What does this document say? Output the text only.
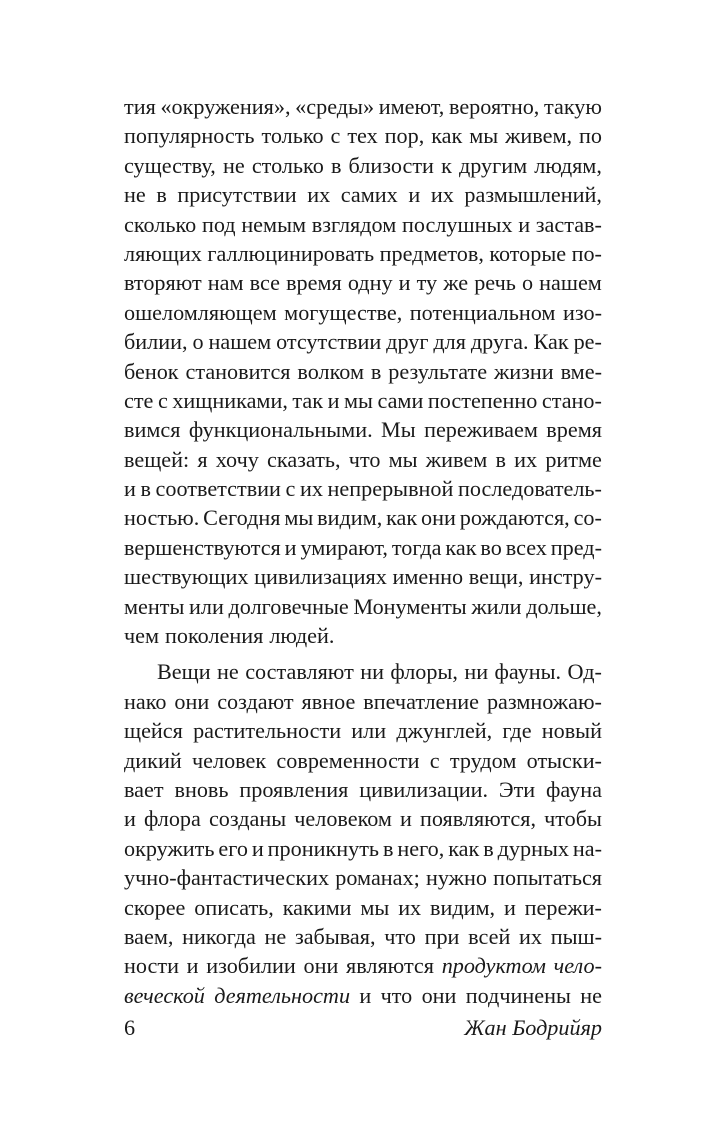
тия «окружения», «среды» имеют, вероятно, такую
популярность только с тех пор, как мы живем, по
существу, не столько в близости к другим людям,
не в присутствии их самих и их размышлений,
сколько под немым взглядом послушных и застав-
ляющих галлюцинировать предметов, которые по-
вторяют нам все время одну и ту же речь о нашем
ошеломляющем могуществе, потенциальном изо-
билии, о нашем отсутствии друг для друга. Как ре-
бенок становится волком в результате жизни вме-
сте с хищниками, так и мы сами постепенно стано-
вимся функциональными. Мы переживаем время
вещей: я хочу сказать, что мы живем в их ритме
и в соответствии с их непрерывной последователь-
ностью. Сегодня мы видим, как они рождаются, со-
вершенствуются и умирают, тогда как во всех пред-
шествующих цивилизациях именно вещи, инстру-
менты или долговечные Монументы жили дольше,
чем поколения людей.
Вещи не составляют ни флоры, ни фауны. Од-
нако они создают явное впечатление размножаю-
щейся растительности или джунглей, где новый
дикий человек современности с трудом отыски-
вает вновь проявления цивилизации. Эти фауна
и флора созданы человеком и появляются, чтобы
окружить его и проникнуть в него, как в дурных на-
учно-фантастических романах; нужно попытаться
скорее описать, какими мы их видим, и пережи-
ваем, никогда не забывая, что при всей их пыш-
ности и изобилии они являются продуктом чело-
веческой деятельности и что они подчинены не
6	Жан Бодрийяр
